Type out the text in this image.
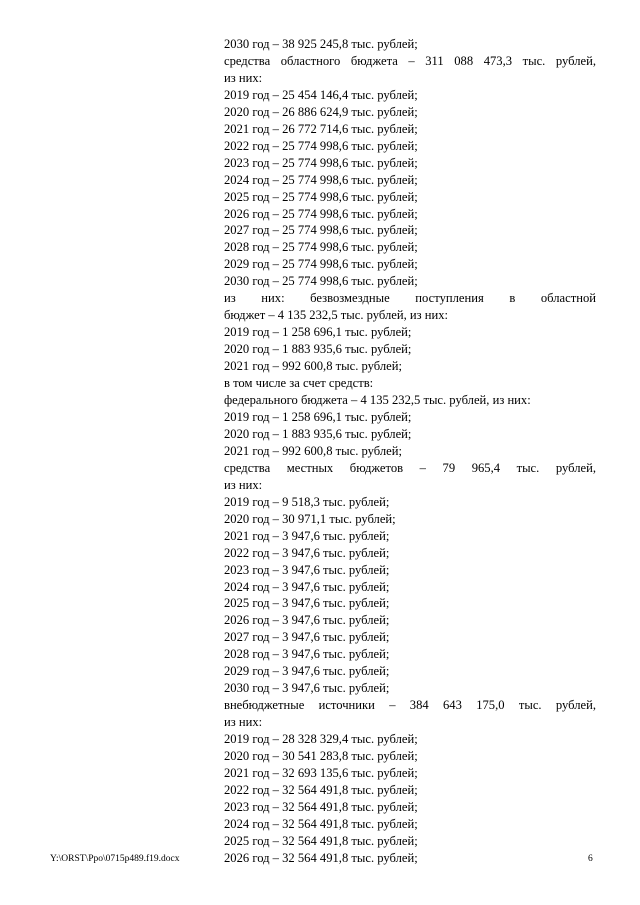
2030 год – 38 925 245,8 тыс. рублей;
средства областного бюджета – 311 088 473,3 тыс. рублей,
из них:
2019 год – 25 454 146,4 тыс. рублей;
2020 год – 26 886 624,9 тыс. рублей;
2021 год – 26 772 714,6 тыс. рублей;
2022 год – 25 774 998,6 тыс. рублей;
2023 год – 25 774 998,6 тыс. рублей;
2024 год – 25 774 998,6 тыс. рублей;
2025 год – 25 774 998,6 тыс. рублей;
2026 год – 25 774 998,6 тыс. рублей;
2027 год – 25 774 998,6 тыс. рублей;
2028 год – 25 774 998,6 тыс. рублей;
2029 год – 25 774 998,6 тыс. рублей;
2030 год – 25 774 998,6 тыс. рублей;
из них: безвозмездные поступления в областной
бюджет – 4 135 232,5 тыс. рублей, из них:
2019 год – 1 258 696,1 тыс. рублей;
2020 год – 1 883 935,6 тыс. рублей;
2021 год – 992 600,8 тыс. рублей;
в том числе за счет средств:
федерального бюджета – 4 135 232,5 тыс. рублей, из них:
2019 год – 1 258 696,1 тыс. рублей;
2020 год – 1 883 935,6 тыс. рублей;
2021 год – 992 600,8 тыс. рублей;
средства местных бюджетов – 79 965,4 тыс. рублей,
из них:
2019 год – 9 518,3 тыс. рублей;
2020 год – 30 971,1 тыс. рублей;
2021 год – 3 947,6 тыс. рублей;
2022 год – 3 947,6 тыс. рублей;
2023 год – 3 947,6 тыс. рублей;
2024 год – 3 947,6 тыс. рублей;
2025 год – 3 947,6 тыс. рублей;
2026 год – 3 947,6 тыс. рублей;
2027 год – 3 947,6 тыс. рублей;
2028 год – 3 947,6 тыс. рублей;
2029 год – 3 947,6 тыс. рублей;
2030 год – 3 947,6 тыс. рублей;
внебюджетные источники – 384 643 175,0 тыс. рублей,
из них:
2019 год – 28 328 329,4 тыс. рублей;
2020 год – 30 541 283,8 тыс. рублей;
2021 год – 32 693 135,6 тыс. рублей;
2022 год – 32 564 491,8 тыс. рублей;
2023 год – 32 564 491,8 тыс. рублей;
2024 год – 32 564 491,8 тыс. рублей;
2025 год – 32 564 491,8 тыс. рублей;
2026 год – 32 564 491,8 тыс. рублей;
Y:\ORST\Ppo\0715p489.f19.docx	6
